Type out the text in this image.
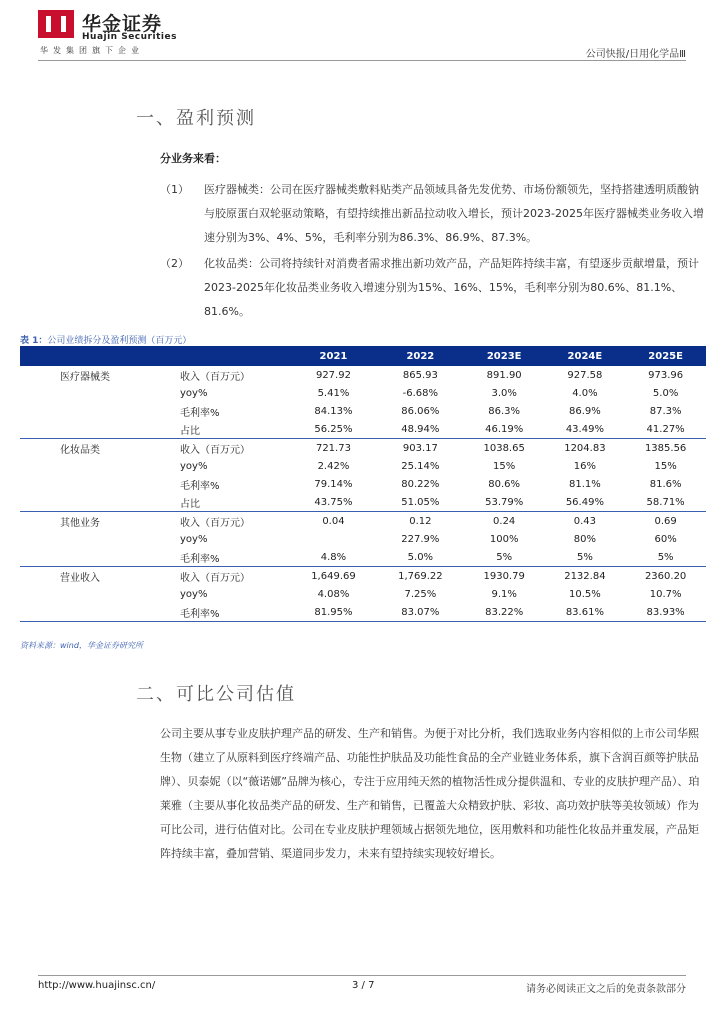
华金证券
Huajin Securities
华发集团旗下企业	公司快报/日用化学品Ⅲ
一、盈利预测
分业务来看：
（1） 医疗器械类：公司在医疗器械类敷料贴类产品领域具备先发优势、市场份额领先，坚持搭建透明质酸钠与胶原蛋白双轮驱动策略，有望持续推出新品拉动收入增长，预计2023-2025年医疗器械类业务收入增速分别为3%、4%、5%，毛利率分别为86.3%、86.9%、87.3%。
（2） 化妆品类：公司将持续针对消费者需求推出新功效产品，产品矩阵持续丰富，有望逐步贡献增量，预计2023-2025年化妆品类业务收入增速分别为15%、16%、15%，毛利率分别为80.6%、81.1%、81.6%。
表 1：公司业绩拆分及盈利预测（百万元）
		2021	2022	2023E	2024E	2025E
医疗器械类	收入（百万元）	927.92	865.93	891.90	927.58	973.96
	yoy%	5.41%	-6.68%	3.0%	4.0%	5.0%
	毛利率%	84.13%	86.06%	86.3%	86.9%	87.3%
	占比	56.25%	48.94%	46.19%	43.49%	41.27%
化妆品类	收入（百万元）	721.73	903.17	1038.65	1204.83	1385.56
	yoy%	2.42%	25.14%	15%	16%	15%
	毛利率%	79.14%	80.22%	80.6%	81.1%	81.6%
	占比	43.75%	51.05%	53.79%	56.49%	58.71%
其他业务	收入（百万元）	0.04	0.12	0.24	0.43	0.69
	yoy%		227.9%	100%	80%	60%
	毛利率%	4.8%	5.0%	5%	5%	5%
营业收入	收入（百万元）	1,649.69	1,769.22	1930.79	2132.84	2360.20
	yoy%	4.08%	7.25%	9.1%	10.5%	10.7%
	毛利率%	81.95%	83.07%	83.22%	83.61%	83.93%
资料来源：wind，华金证券研究所
二、可比公司估值
公司主要从事专业皮肤护理产品的研发、生产和销售。为便于对比分析，我们选取业务内容相似的上市公司华熙生物（建立了从原料到医疗终端产品、功能性护肤品及功能性食品的全产业链业务体系，旗下含润百颜等护肤品牌）、贝泰妮（以“薇诺娜”品牌为核心，专注于应用纯天然的植物活性成分提供温和、专业的皮肤护理产品）、珀莱雅（主要从事化妆品类产品的研发、生产和销售，已覆盖大众精致护肤、彩妆、高功效护肤等美妆领域）作为可比公司，进行估值对比。公司在专业皮肤护理领域占据领先地位，医用敷料和功能性化妆品并重发展，产品矩阵持续丰富，叠加营销、渠道同步发力，未来有望持续实现较好增长。
http://www.huajinsc.cn/	3 / 7	请务必阅读正文之后的免责条款部分
